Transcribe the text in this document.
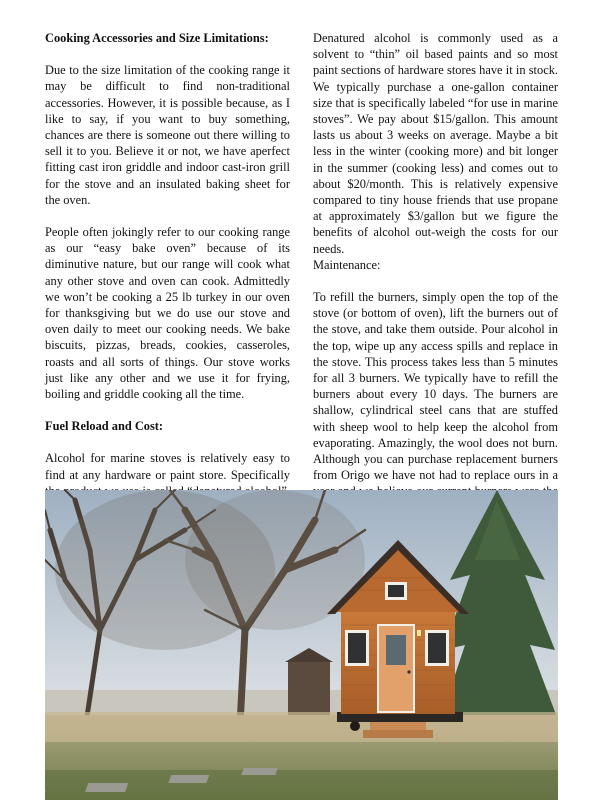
Cooking Accessories and Size Limitations:

Due to the size limitation of the cooking range it may be difficult to find non-traditional accessories. However, it is possible because, as I like to say, if you want to buy something, chances are there is someone out there willing to sell it to you. Believe it or not, we have aperfect fitting cast iron griddle and indoor cast-iron grill for the stove and an insulated baking sheet for the oven.

People often jokingly refer to our cooking range as our “easy bake oven” because of its diminutive nature, but our range will cook what any other stove and oven can cook. Admittedly we won’t be cooking a 25 lb turkey in our oven for thanksgiving but we do use our stove and oven daily to meet our cooking needs. We bake biscuits, pizzas, breads, cookies, casseroles, roasts and all sorts of things. Our stove works just like any other and we use it for frying, boiling and griddle cooking all the time.

Fuel Reload and Cost:

Alcohol for marine stoves is relatively easy to find at any hardware or paint store. Specifically

Denatured alcohol is commonly used as a solvent to “thin” oil based paints and so most paint sections of hardware stores have it in stock. We typically purchase a one-gallon container size that is specifically labeled “for use in marine stoves”. We pay about $15/gallon. This amount lasts us about 3 weeks on average. Maybe a bit less in the winter (cooking more) and bit longer in the summer (cooking less) and comes out to about $20/month. This is relatively expensive compared to tiny house friends that use propane at approximately $3/gallon but we figure the benefits of alcohol out-weigh the costs for our needs.

Maintenance:

To refill the burners, simply open the top of the stove (or bottom of oven), lift the burners out of the stove, and take them outside. Pour alcohol in the top, wipe up any access spills and replace in the stove. This process takes less than 5 minutes for all 3 burners. We typically have to refill the burners about every 10 days. The burners are shallow, cylindrical steel cans that are stuffed with sheep wool to help keep the alcohol from evaporating. Amazingly, the wool does not burn. Although you can purchase replacement burners from Origo we have not had to replace ours in a
